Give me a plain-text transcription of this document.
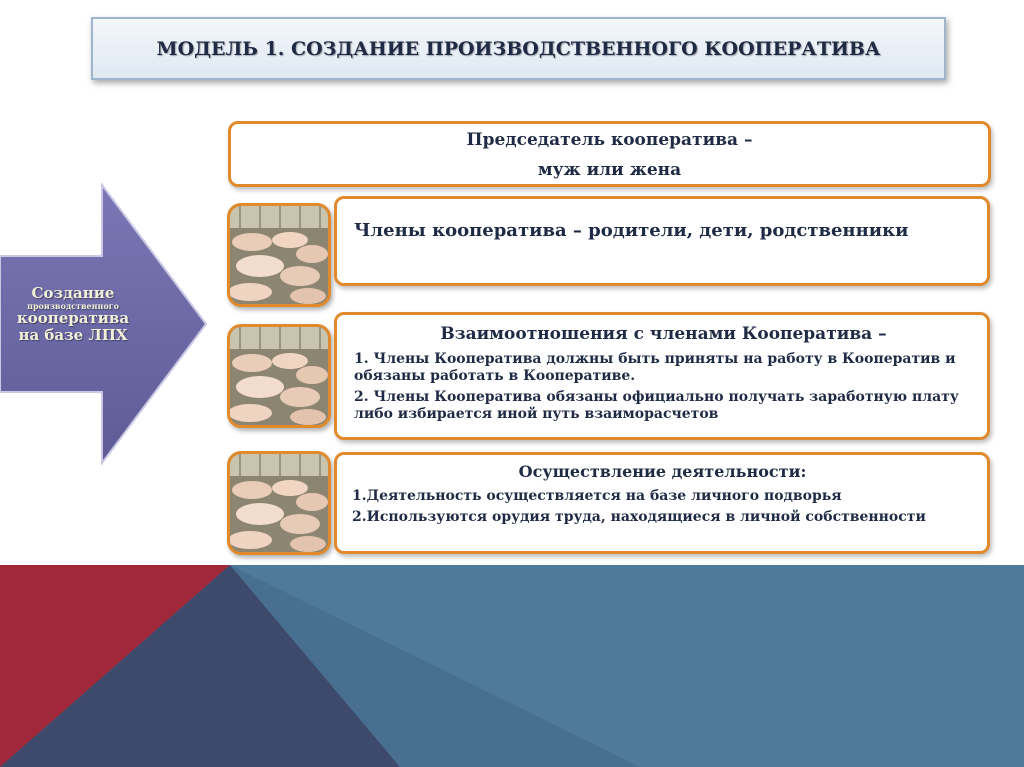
МОДЕЛЬ 1. СОЗДАНИЕ ПРОИЗВОДСТВЕННОГО КООПЕРАТИВА
Создание
производственного
кооператива
на базе ЛПХ
Председатель кооператива –
муж или жена
Члены кооператива – родители, дети, родственники
Взаимоотношения с членами Кооператива –
1. Члены Кооператива должны быть приняты на работу в Кооператив и обязаны работать в Кооперативе.
2. Члены Кооператива обязаны официально получать заработную плату либо избирается иной путь взаиморасчетов
Осуществление деятельности:
1.Деятельность осуществляется на базе личного подворья
2.Используются орудия труда, находящиеся в личной собственности
